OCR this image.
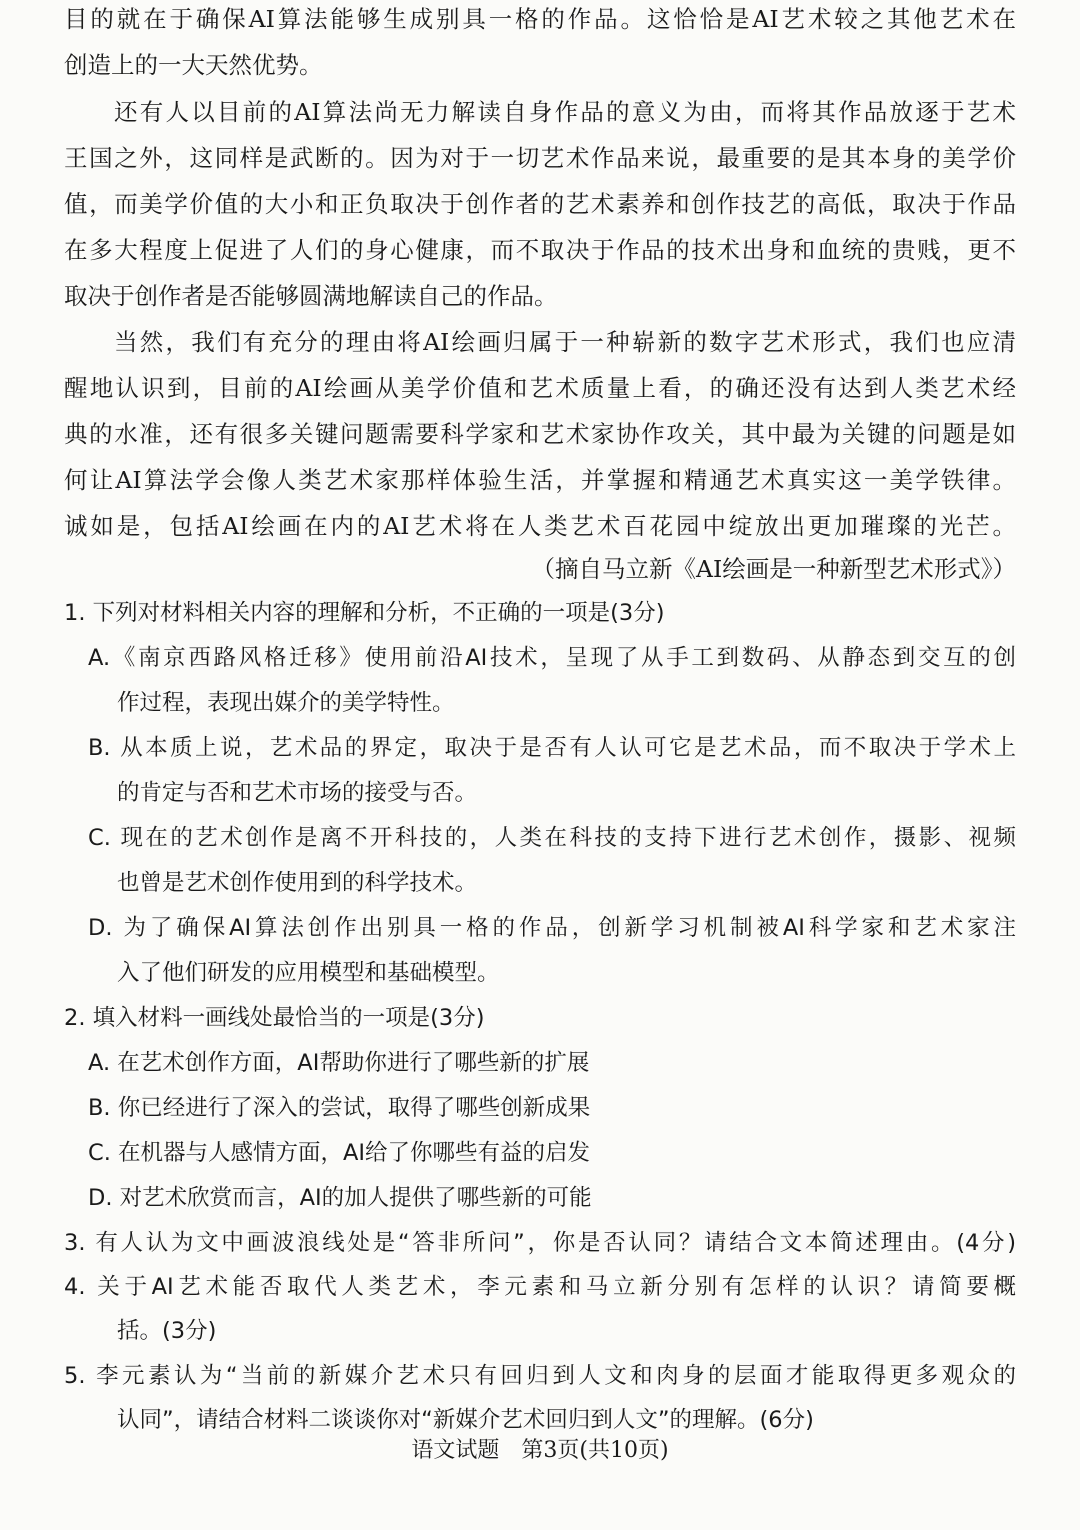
目的就在于确保AI算法能够生成别具一格的作品。这恰恰是AI艺术较之其他艺术在
创造上的一大天然优势。
还有人以目前的AI算法尚无力解读自身作品的意义为由，而将其作品放逐于艺术
王国之外，这同样是武断的。因为对于一切艺术作品来说，最重要的是其本身的美学价
值，而美学价值的大小和正负取决于创作者的艺术素养和创作技艺的高低，取决于作品
在多大程度上促进了人们的身心健康，而不取决于作品的技术出身和血统的贵贱，更不
取决于创作者是否能够圆满地解读自己的作品。
当然，我们有充分的理由将AI绘画归属于一种崭新的数字艺术形式，我们也应清
醒地认识到，目前的AI绘画从美学价值和艺术质量上看，的确还没有达到人类艺术经
典的水准，还有很多关键问题需要科学家和艺术家协作攻关，其中最为关键的问题是如
何让AI算法学会像人类艺术家那样体验生活，并掌握和精通艺术真实这一美学铁律。
诚如是，包括AI绘画在内的AI艺术将在人类艺术百花园中绽放出更加璀璨的光芒。
（摘自马立新《AI绘画是一种新型艺术形式》）
1. 下列对材料相关内容的理解和分析，不正确的一项是(3分)
A.《南京西路风格迁移》使用前沿AI技术，呈现了从手工到数码、从静态到交互的创
作过程，表现出媒介的美学特性。
B. 从本质上说，艺术品的界定，取决于是否有人认可它是艺术品，而不取决于学术上
的肯定与否和艺术市场的接受与否。
C. 现在的艺术创作是离不开科技的，人类在科技的支持下进行艺术创作，摄影、视频
也曾是艺术创作使用到的科学技术。
D. 为了确保AI算法创作出别具一格的作品，创新学习机制被AI科学家和艺术家注
入了他们研发的应用模型和基础模型。
2. 填入材料一画线处最恰当的一项是(3分)
A. 在艺术创作方面，AI帮助你进行了哪些新的扩展
B. 你已经进行了深入的尝试，取得了哪些创新成果
C. 在机器与人感情方面，AI给了你哪些有益的启发
D. 对艺术欣赏而言，AI的加人提供了哪些新的可能
3. 有人认为文中画波浪线处是“答非所问”，你是否认同？请结合文本简述理由。(4分)
4. 关于AI艺术能否取代人类艺术，李元素和马立新分别有怎样的认识？请简要概
括。(3分)
5. 李元素认为“当前的新媒介艺术只有回归到人文和肉身的层面才能取得更多观众的
认同”，请结合材料二谈谈你对“新媒介艺术回归到人文”的理解。(6分)
语文试题　第3页(共10页)
